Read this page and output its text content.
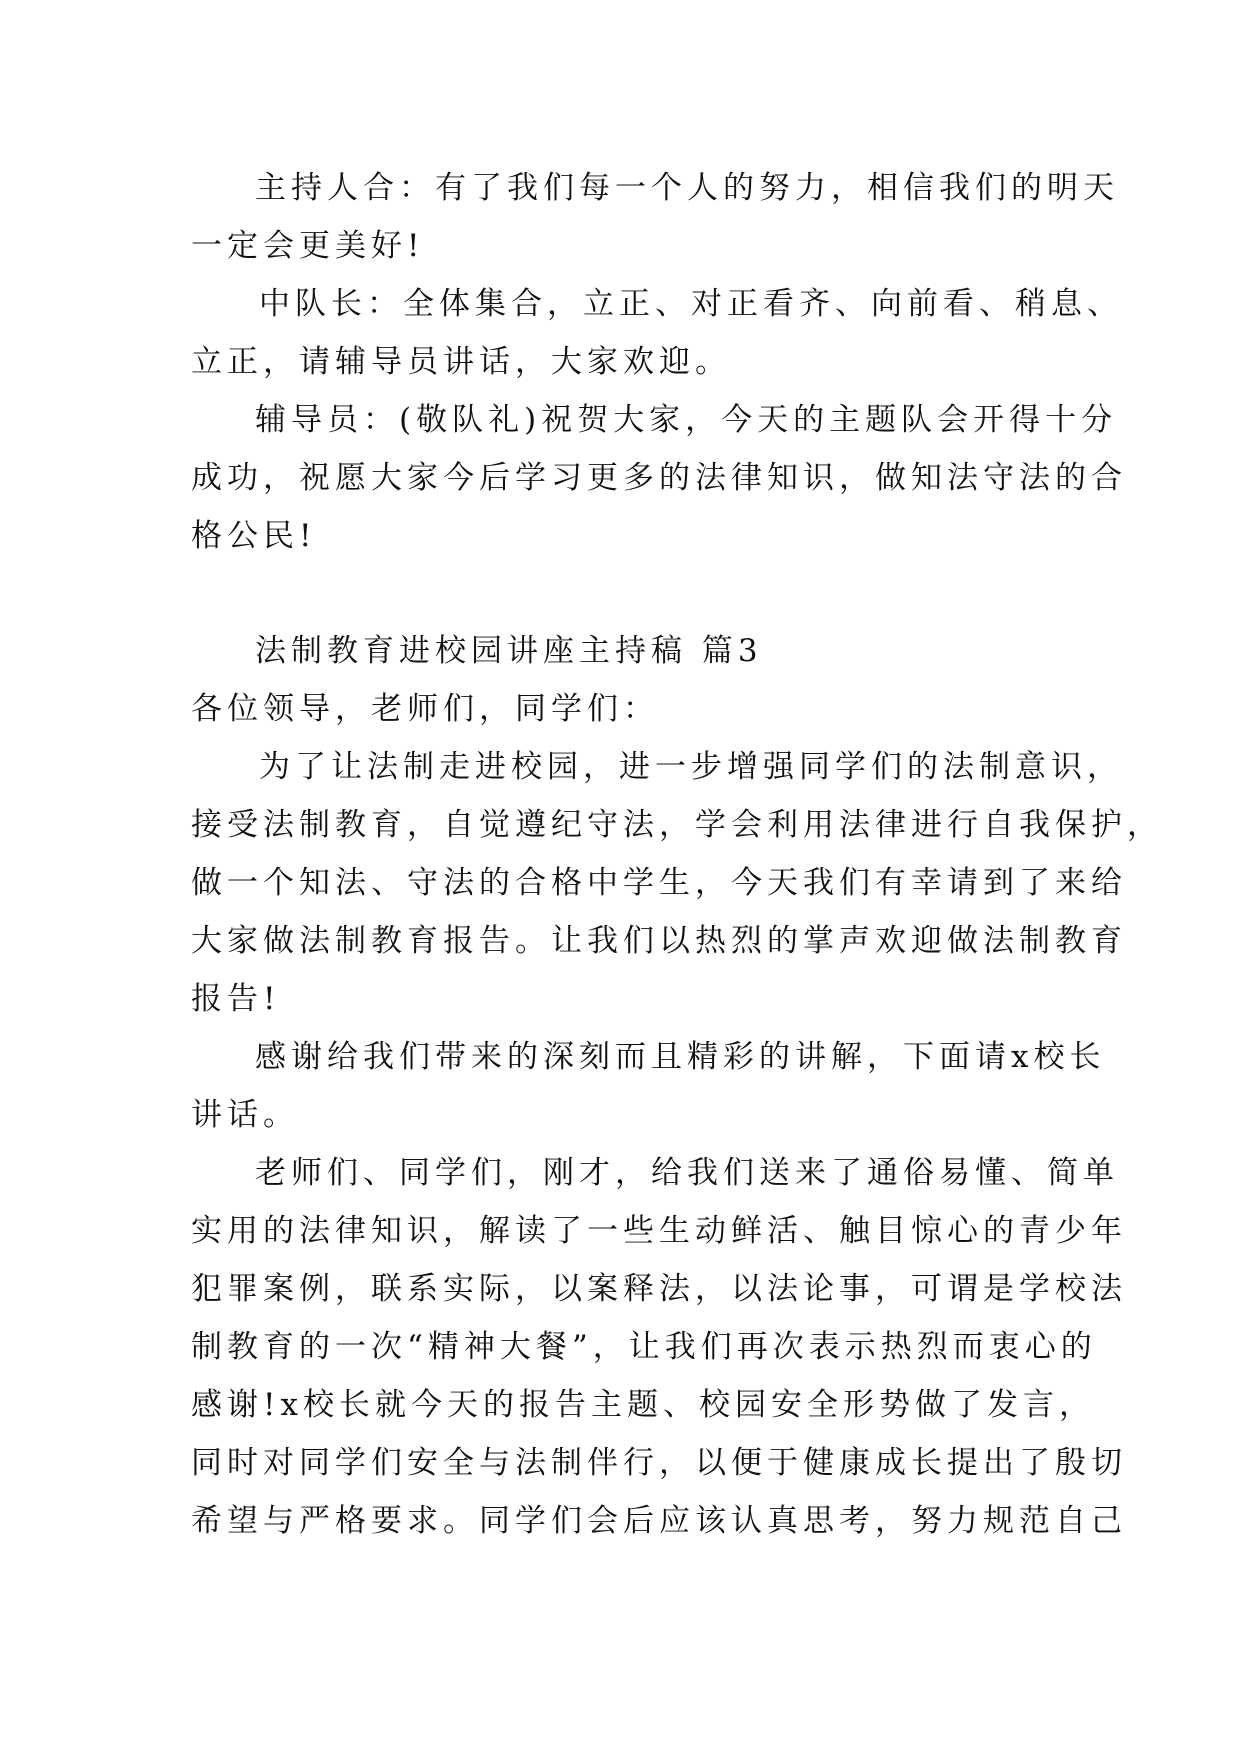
主持人合：有了我们每一个人的努力，相信我们的明天
一定会更美好!
中队长：全体集合，立正、对正看齐、向前看、稍息、
立正，请辅导员讲话，大家欢迎。
辅导员：(敬队礼)祝贺大家，今天的主题队会开得十分
成功，祝愿大家今后学习更多的法律知识，做知法守法的合
格公民!
法制教育进校园讲座主持稿 篇3
各位领导，老师们，同学们：
为了让法制走进校园，进一步增强同学们的法制意识，
接受法制教育，自觉遵纪守法，学会利用法律进行自我保护，
做一个知法、守法的合格中学生，今天我们有幸请到了来给
大家做法制教育报告。让我们以热烈的掌声欢迎做法制教育
报告!
感谢给我们带来的深刻而且精彩的讲解，下面请x校长
讲话。
老师们、同学们，刚才，给我们送来了通俗易懂、简单
实用的法律知识，解读了一些生动鲜活、触目惊心的青少年
犯罪案例，联系实际，以案释法，以法论事，可谓是学校法
制教育的一次“精神大餐”，让我们再次表示热烈而衷心的
感谢!x校长就今天的报告主题、校园安全形势做了发言，
同时对同学们安全与法制伴行，以便于健康成长提出了殷切
希望与严格要求。同学们会后应该认真思考，努力规范自己
